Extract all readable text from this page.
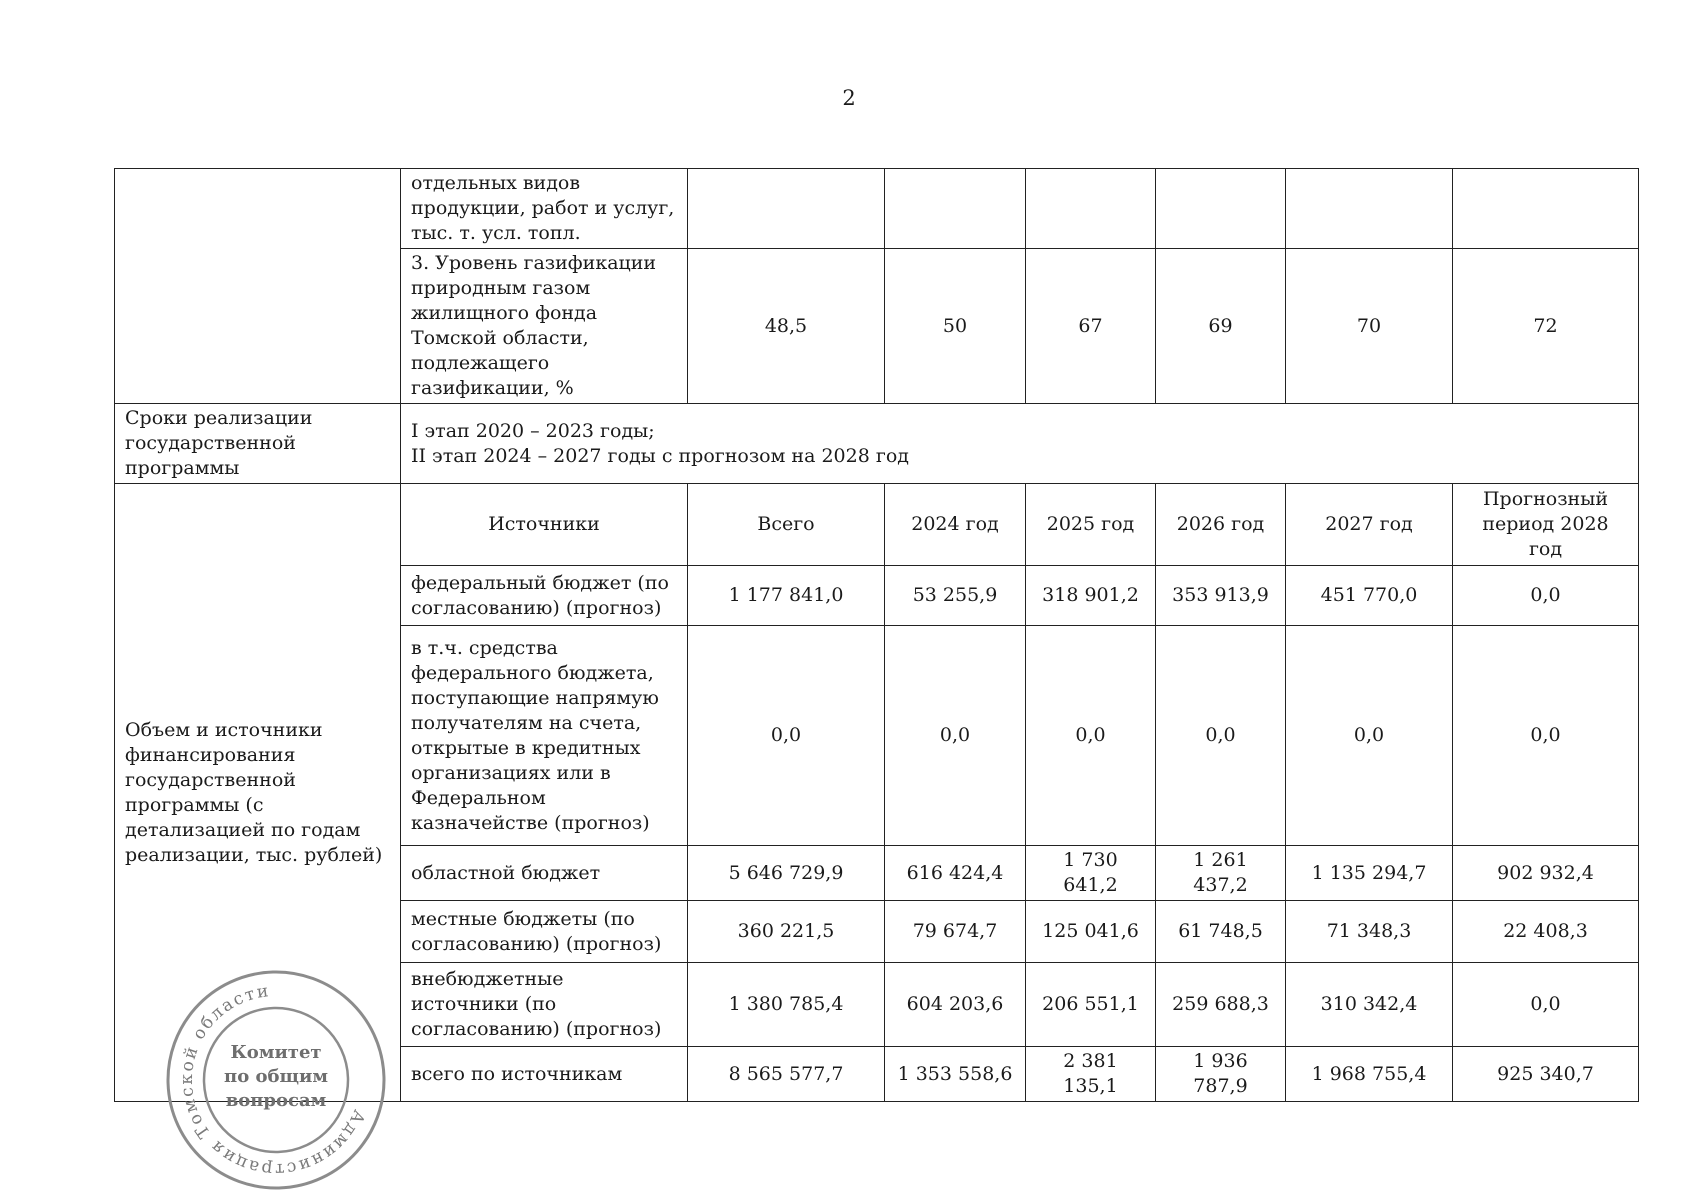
2
	отдельных видов продукции, работ и услуг, тыс. т. усл. топл.						
	3. Уровень газификации природным газом жилищного фонда Томской области, подлежащего газификации, %	48,5	50	67	69	70	72
Сроки реализации государственной программы	I этап 2020 – 2023 годы;
II этап 2024 – 2027 годы с прогнозом на 2028 год						

Объем и источники финансирования государственной программы (с детализацией по годам реализации, тыс. рублей)	Источники	Всего	2024 год	2025 год	2026 год	2027 год	Прогнозный период 2028 год
	федеральный бюджет (по согласованию) (прогноз)	1 177 841,0	53 255,9	318 901,2	353 913,9	451 770,0	0,0
	в т.ч. средства федерального бюджета, поступающие напрямую получателям на счета, открытые в кредитных организациях или в Федеральном казначействе (прогноз)	0,0	0,0	0,0	0,0	0,0	0,0
	областной бюджет	5 646 729,9	616 424,4	1 730 641,2	1 261 437,2	1 135 294,7	902 932,4
	местные бюджеты (по согласованию) (прогноз)	360 221,5	79 674,7	125 041,6	61 748,5	71 348,3	22 408,3
	внебюджетные источники (по согласованию) (прогноз)	1 380 785,4	604 203,6	206 551,1	259 688,3	310 342,4	0,0
	всего по источникам	8 565 577,7	1 353 558,6	2 381 135,1	1 936 787,9	1 968 755,4	925 340,7
Администрация Томской области
Комитет
по общим
вопросам
